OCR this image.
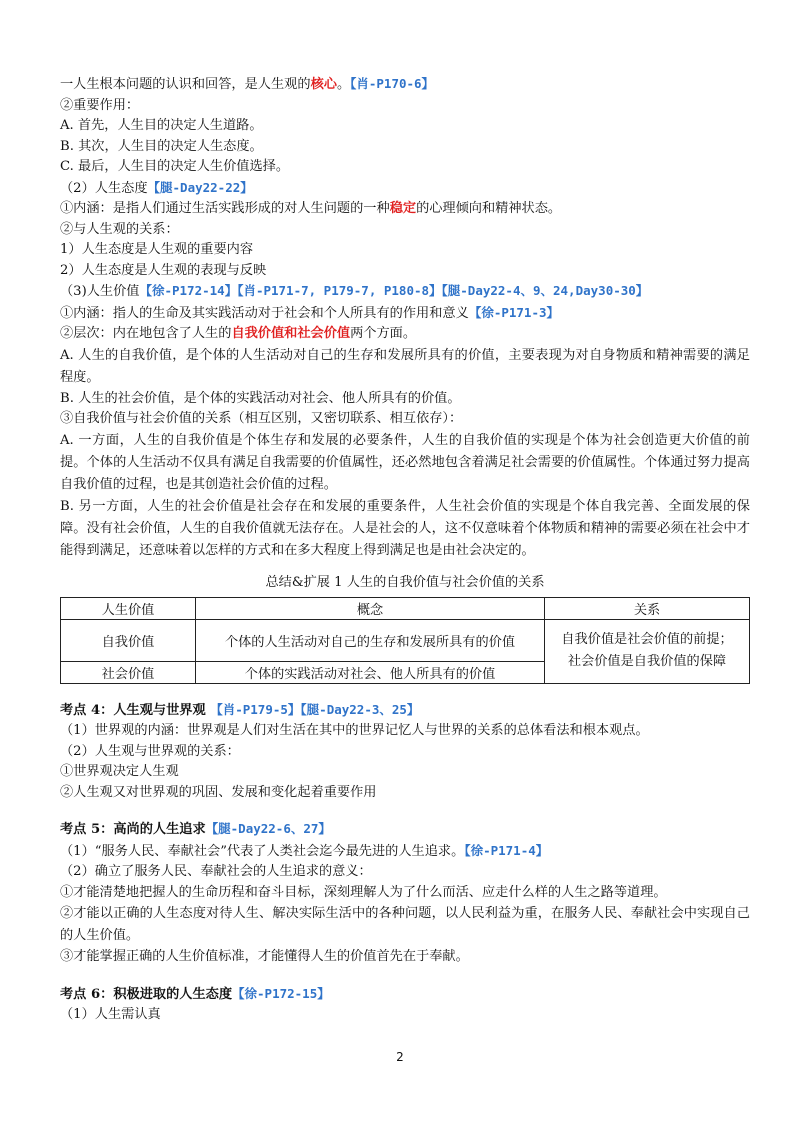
一人生根本问题的认识和回答，是人生观的核心。【肖-P170-6】
②重要作用：
A. 首先，人生目的决定人生道路。
B. 其次，人生目的决定人生态度。
C. 最后，人生目的决定人生价值选择。
（2）人生态度【腿-Day22-22】
①内涵：是指人们通过生活实践形成的对人生问题的一种稳定的心理倾向和精神状态。
②与人生观的关系：
1）人生态度是人生观的重要内容
2）人生态度是人生观的表现与反映
（3)人生价值【徐-P172-14】【肖-P171-7, P179-7, P180-8】【腿-Day22-4、9、24,Day30-30】
①内涵：指人的生命及其实践活动对于社会和个人所具有的作用和意义【徐-P171-3】
②层次：内在地包含了人生的自我价值和社会价值两个方面。
A. 人生的自我价值，是个体的人生活动对自己的生存和发展所具有的价值，主要表现为对自身物质和精神需要的满足程度。
B. 人生的社会价值，是个体的实践活动对社会、他人所具有的价值。
③自我价值与社会价值的关系（相互区别，又密切联系、相互依存）：
A. 一方面，人生的自我价值是个体生存和发展的必要条件，人生的自我价值的实现是个体为社会创造更大价值的前提。个体的人生活动不仅具有满足自我需要的价值属性，还必然地包含着满足社会需要的价值属性。个体通过努力提高自我价值的过程，也是其创造社会价值的过程。
B. 另一方面，人生的社会价值是社会存在和发展的重要条件，人生社会价值的实现是个体自我完善、全面发展的保障。没有社会价值，人生的自我价值就无法存在。人是社会的人，这不仅意味着个体物质和精神的需要必须在社会中才能得到满足，还意味着以怎样的方式和在多大程度上得到满足也是由社会决定的。
总结&扩展 1 人生的自我价值与社会价值的关系
人生价值	概念	关系
自我价值	个体的人生活动对自己的生存和发展所具有的价值	自我价值是社会价值的前提；
社会价值是自我价值的保障

社会价值	个体的实践活动对社会、他人所具有的价值	
考点 4：人生观与世界观 【肖-P179-5】【腿-Day22-3、25】
（1）世界观的内涵：世界观是人们对生活在其中的世界记忆人与世界的关系的总体看法和根本观点。
（2）人生观与世界观的关系：
①世界观决定人生观
②人生观又对世界观的巩固、发展和变化起着重要作用
考点 5：高尚的人生追求【腿-Day22-6、27】
（1）“服务人民、奉献社会”代表了人类社会迄今最先进的人生追求。【徐-P171-4】
（2）确立了服务人民、奉献社会的人生追求的意义：
①才能清楚地把握人的生命历程和奋斗目标，深刻理解人为了什么而活、应走什么样的人生之路等道理。
②才能以正确的人生态度对待人生、解决实际生活中的各种问题，以人民利益为重，在服务人民、奉献社会中实现自己的人生价值。
③才能掌握正确的人生价值标准，才能懂得人生的价值首先在于奉献。
考点 6：积极进取的人生态度【徐-P172-15】
（1）人生需认真
2
